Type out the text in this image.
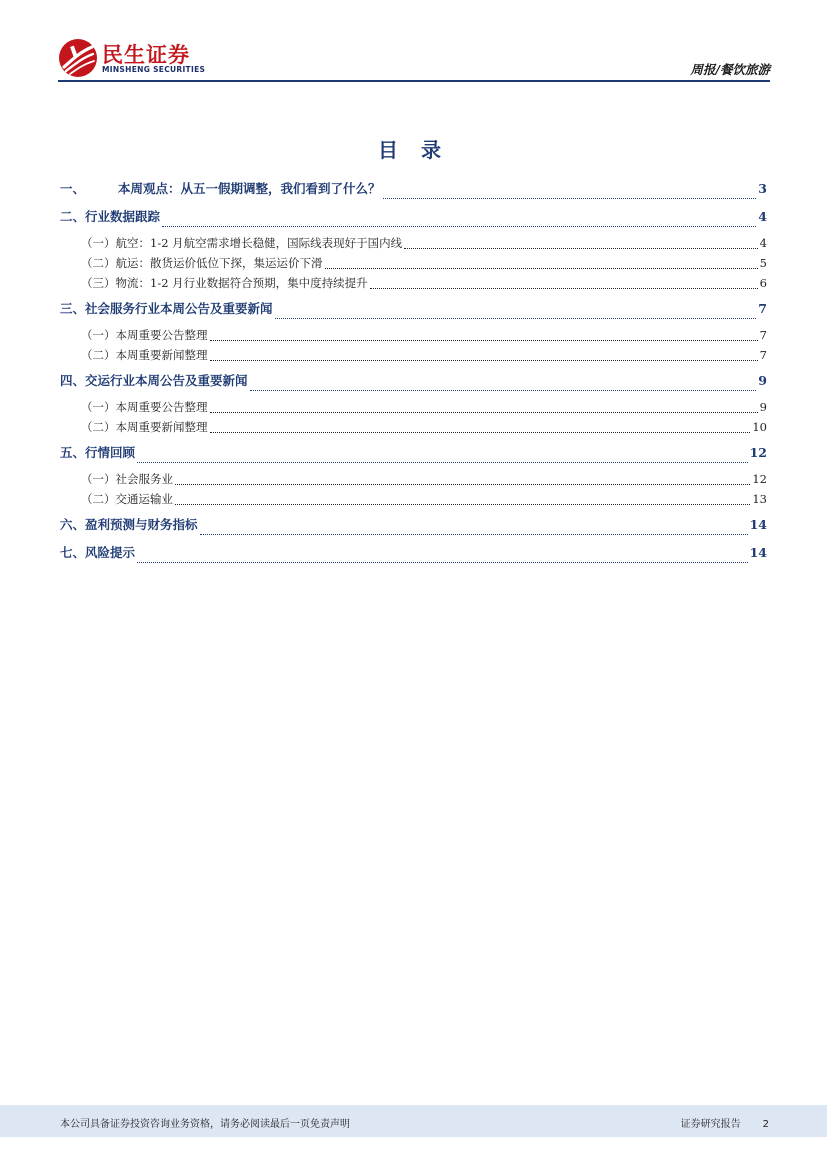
民生证券
MINSHENG SECURITIES	周报/餐饮旅游
目 录
一、	本周观点：从五一假期调整，我们看到了什么？	3
二、 行业数据跟踪	4
（一） 航空：1-2 月航空需求增长稳健，国际线表现好于国内线	4
（二） 航运：散货运价低位下探，集运运价下滑	5
（三） 物流：1-2 月行业数据符合预期，集中度持续提升	6
三、 社会服务行业本周公告及重要新闻	7
（一） 本周重要公告整理	7
（二） 本周重要新闻整理	7
四、 交运行业本周公告及重要新闻	9
（一） 本周重要公告整理	9
（二） 本周重要新闻整理	10
五、 行情回顾	12
（一） 社会服务业	12
（二） 交通运输业	13
六、 盈利预测与财务指标	14
七、 风险提示	14
本公司具备证券投资咨询业务资格，请务必阅读最后一页免责声明	证券研究报告 2
